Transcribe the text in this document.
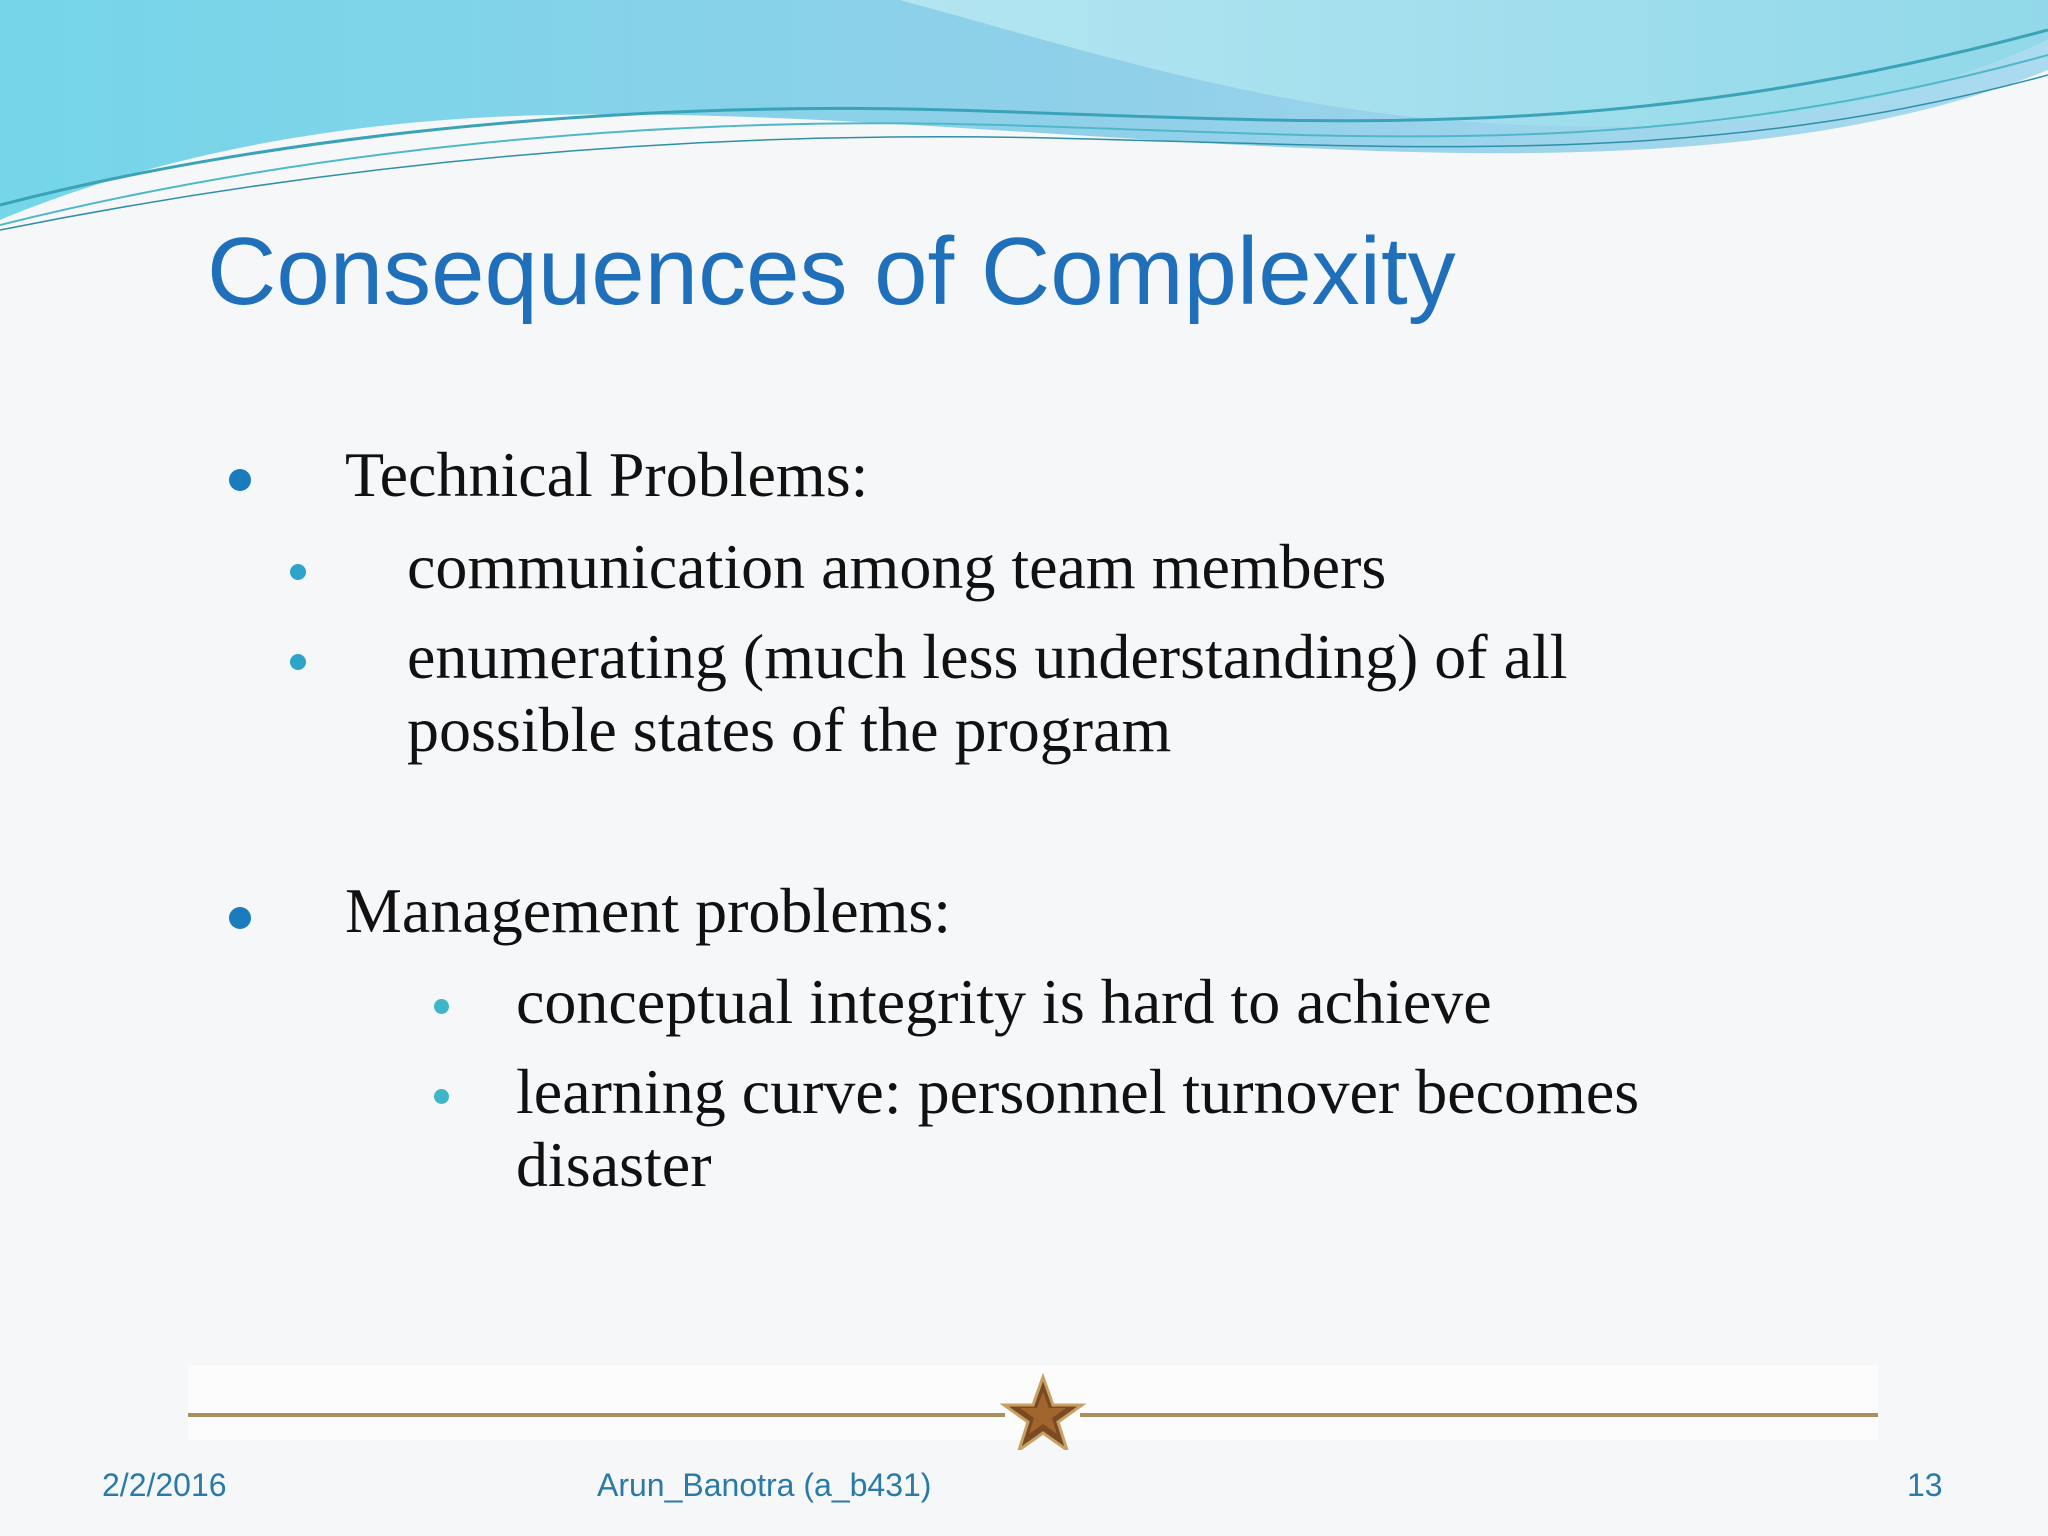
Consequences of Complexity
Technical Problems:
communication among team members
enumerating (much less understanding) of all
possible states of the program
Management problems:
conceptual integrity is hard to achieve
learning curve: personnel turnover becomes
disaster
2/2/2016	Arun_Banotra (a_b431)	13
